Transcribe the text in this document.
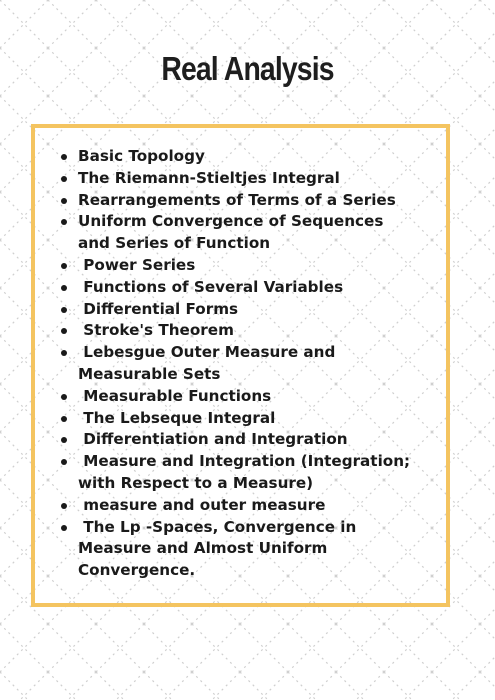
Real Analysis
Basic Topology
The Riemann-Stieltjes Integral
Rearrangements of Terms of a Series
Uniform Convergence of Sequences
and Series of Function
Power Series
Functions of Several Variables
Differential Forms
Stroke's Theorem
Lebesgue Outer Measure and
Measurable Sets
Measurable Functions
The Lebseque Integral
Differentiation and Integration
Measure and Integration (Integration;
with Respect to a Measure)
measure and outer measure
The Lp -Spaces, Convergence in
Measure and Almost Uniform
Convergence.
